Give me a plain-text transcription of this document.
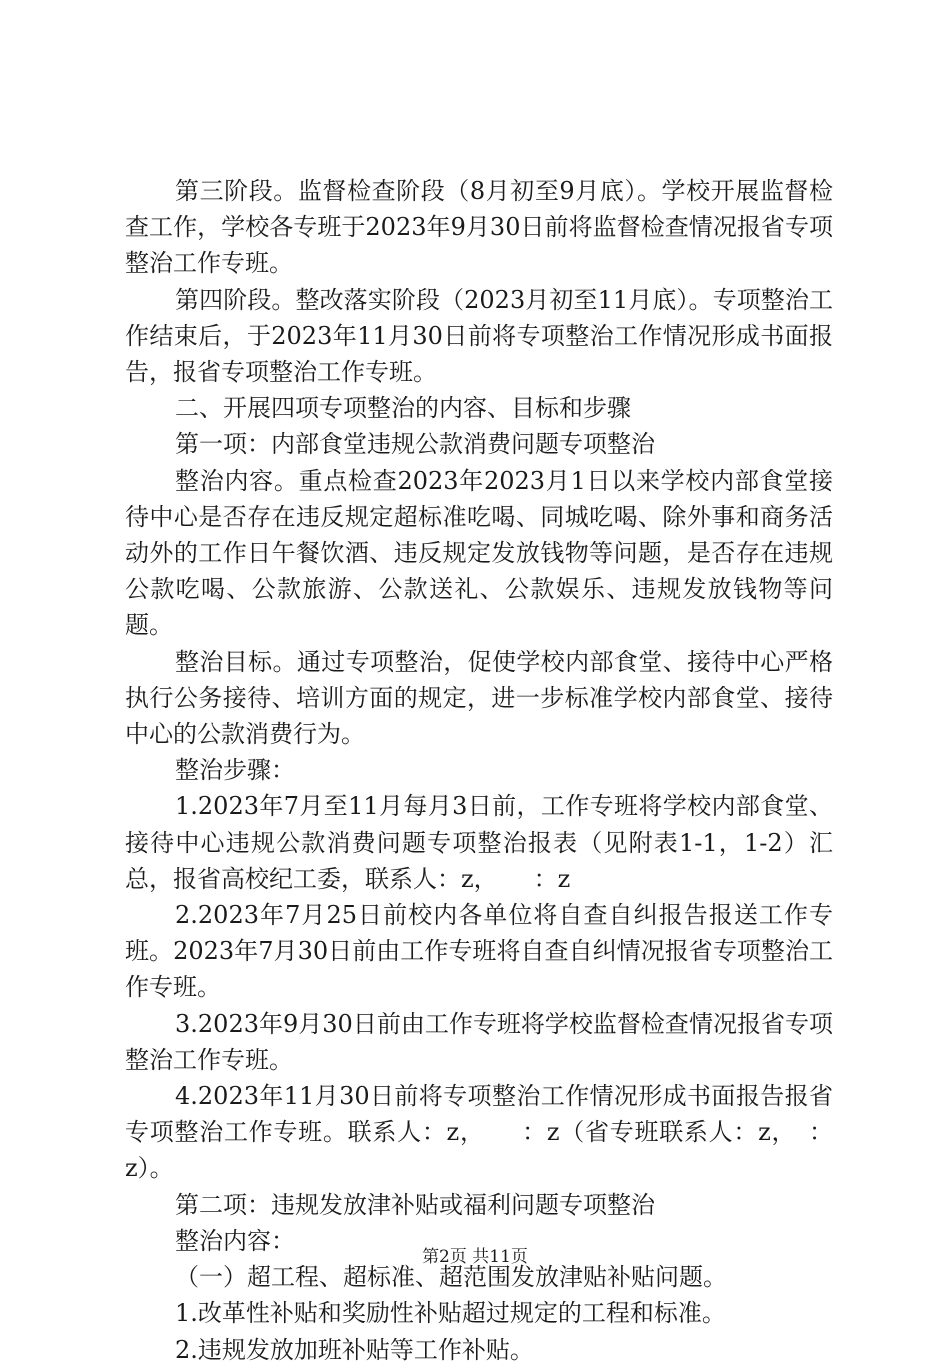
第三阶段。监督检查阶段（8月初至9月底）。学校开展监督检查工作，学校各专班于2023年9月30日前将监督检查情况报省专项整治工作专班。

第四阶段。整改落实阶段（2023月初至11月底）。专项整治工作结束后，于2023年11月30日前将专项整治工作情况形成书面报告，报省专项整治工作专班。

二、开展四项专项整治的内容、目标和步骤

第一项：内部食堂违规公款消费问题专项整治

整治内容。重点检查2023年2023月1日以来学校内部食堂接待中心是否存在违反规定超标准吃喝、同城吃喝、除外事和商务活动外的工作日午餐饮酒、违反规定发放钱物等问题，是否存在违规公款吃喝、公款旅游、公款送礼、公款娱乐、违规发放钱物等问题。

整治目标。通过专项整治，促使学校内部食堂、接待中心严格执行公务接待、培训方面的规定，进一步标准学校内部食堂、接待中心的公款消费行为。

整治步骤：

1.2023年7月至11月每月3日前，工作专班将学校内部食堂、接待中心违规公款消费问题专项整治报表（见附表1-1，1-2）汇总，报省高校纪工委，联系人：z，　　：z

2.2023年7月25日前校内各单位将自查自纠报告报送工作专班。2023年7月30日前由工作专班将自查自纠情况报省专项整治工作专班。

3.2023年9月30日前由工作专班将学校监督检查情况报省专项整治工作专班。

4.2023年11月30日前将专项整治工作情况形成书面报告报省专项整治工作专班。联系人：z，　　：z（省专班联系人：z，　：z）。

第二项：违规发放津补贴或福利问题专项整治

整治内容：

（一）超工程、超标准、超范围发放津贴补贴问题。

1.改革性补贴和奖励性补贴超过规定的工程和标准。

2.违规发放加班补贴等工作补贴。

第2页 共11页
